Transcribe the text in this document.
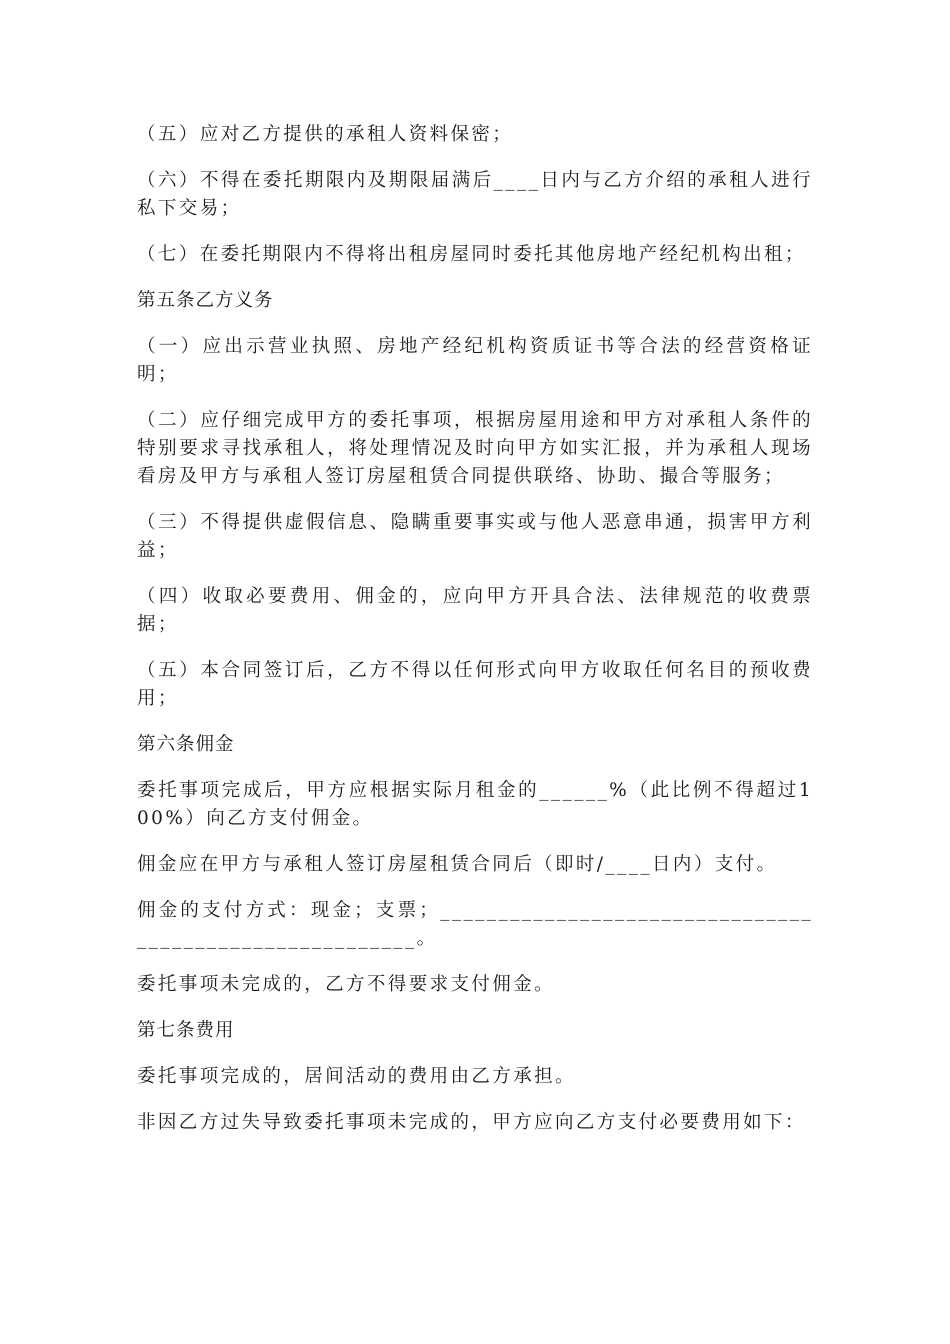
（五）应对乙方提供的承租人资料保密；

（六）不得在委托期限内及期限届满后____日内与乙方介绍的承租人进行私下交易；

（七）在委托期限内不得将出租房屋同时委托其他房地产经纪机构出租；

第五条乙方义务

（一）应出示营业执照、房地产经纪机构资质证书等合法的经营资格证明；

（二）应仔细完成甲方的委托事项，根据房屋用途和甲方对承租人条件的特别要求寻找承租人，将处理情况及时向甲方如实汇报，并为承租人现场看房及甲方与承租人签订房屋租赁合同提供联络、协助、撮合等服务；

（三）不得提供虚假信息、隐瞒重要事实或与他人恶意串通，损害甲方利益；

（四）收取必要费用、佣金的，应向甲方开具合法、法律规范的收费票据；

（五）本合同签订后，乙方不得以任何形式向甲方收取任何名目的预收费用；

第六条佣金

委托事项完成后，甲方应根据实际月租金的______%（此比例不得超过100%）向乙方支付佣金。

佣金应在甲方与承租人签订房屋租赁合同后（即时/____日内）支付。

佣金的支付方式：现金；支票；________________________________________________________。

委托事项未完成的，乙方不得要求支付佣金。

第七条费用

委托事项完成的，居间活动的费用由乙方承担。

非因乙方过失导致委托事项未完成的，甲方应向乙方支付必要费用如下：
